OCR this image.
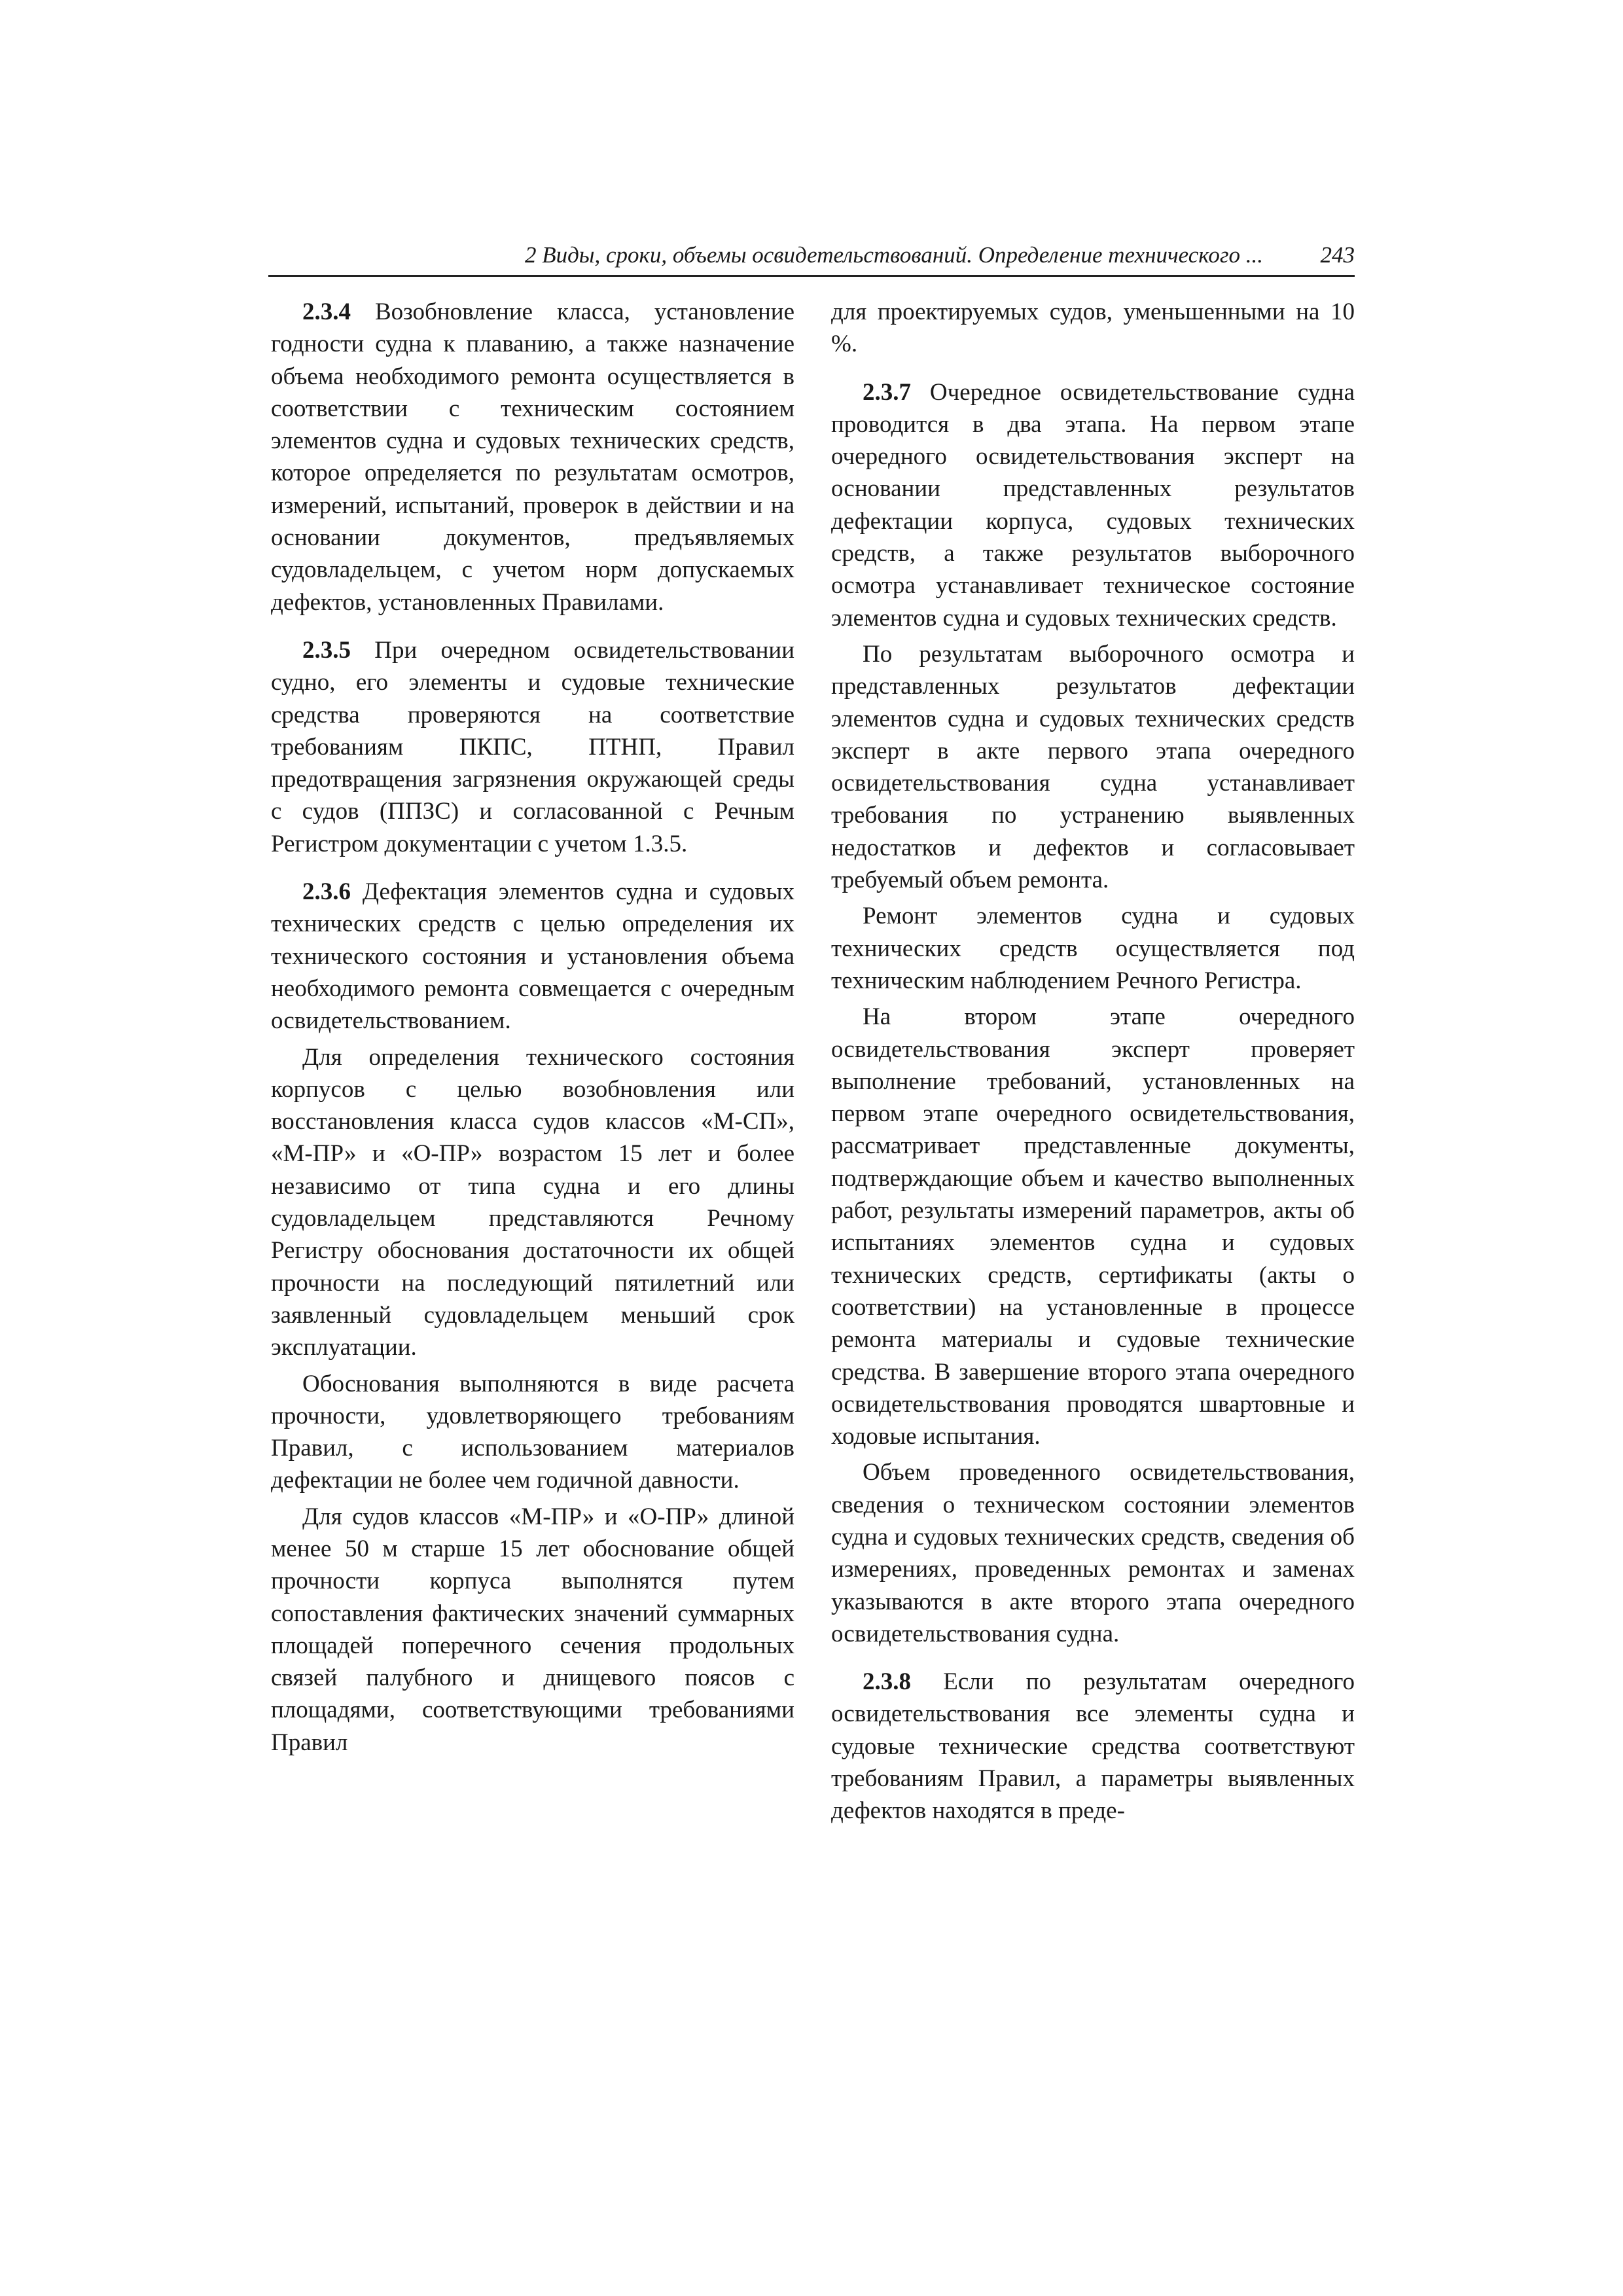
2 Виды, сроки, объемы освидетельствований. Определение технического ...	243

2.3.4 Возобновление класса, установление годности судна к плаванию, а также назначение объема необходимого ремонта осуществляется в соответствии с техническим состоянием элементов судна и судовых технических средств, которое определяется по результатам осмотров, измерений, испытаний, проверок в действии и на основании документов, предъявляемых судовладельцем, с учетом норм допускаемых дефектов, установленных Правилами.

2.3.5 При очередном освидетельствовании судно, его элементы и судовые технические средства проверяются на соответствие требованиям ПКПС, ПТНП, Правил предотвращения загрязнения окружающей среды с судов (ППЗС) и согласованной с Речным Регистром документации с учетом 1.3.5.

2.3.6 Дефектация элементов судна и судовых технических средств с целью определения их технического состояния и установления объема необходимого ремонта совмещается с очередным освидетельствованием.

Для определения технического состояния корпусов с целью возобновления или восстановления класса судов классов «М-СП», «М-ПР» и «О-ПР» возрастом 15 лет и более независимо от типа судна и его длины судовладельцем представляются Речному Регистру обоснования достаточности их общей прочности на последующий пятилетний или заявленный судовладельцем меньший срок эксплуатации.

Обоснования выполняются в виде расчета прочности, удовлетворяющего требованиям Правил, с использованием материалов дефектации не более чем годичной давности.

Для судов классов «М-ПР» и «О-ПР» длиной менее 50 м старше 15 лет обоснование общей прочности корпуса выполнятся путем сопоставления фактических значений суммарных площадей поперечного сечения продольных связей палубного и днищевого поясов с площадями, соответствующими требованиями Правил

для проектируемых судов, уменьшенными на 10 %.

2.3.7 Очередное освидетельствование судна проводится в два этапа. На первом этапе очередного освидетельствования эксперт на основании представленных результатов дефектации корпуса, судовых технических средств, а также результатов выборочного осмотра устанавливает техническое состояние элементов судна и судовых технических средств.

По результатам выборочного осмотра и представленных результатов дефектации элементов судна и судовых технических средств эксперт в акте первого этапа очередного освидетельствования судна устанавливает требования по устранению выявленных недостатков и дефектов и согласовывает требуемый объем ремонта.

Ремонт элементов судна и судовых технических средств осуществляется под техническим наблюдением Речного Регистра.

На втором этапе очередного освидетельствования эксперт проверяет выполнение требований, установленных на первом этапе очередного освидетельствования, рассматривает представленные документы, подтверждающие объем и качество выполненных работ, результаты измерений параметров, акты об испытаниях элементов судна и судовых технических средств, сертификаты (акты о соответствии) на установленные в процессе ремонта материалы и судовые технические средства. В завершение второго этапа очередного освидетельствования проводятся швартовные и ходовые испытания.

Объем проведенного освидетельствования, сведения о техническом состоянии элементов судна и судовых технических средств, сведения об измерениях, проведенных ремонтах и заменах указываются в акте второго этапа очередного освидетельствования судна.

2.3.8 Если по результатам очередного освидетельствования все элементы судна и судовые технические средства соответствуют требованиям Правил, а параметры выявленных дефектов находятся в преде-
